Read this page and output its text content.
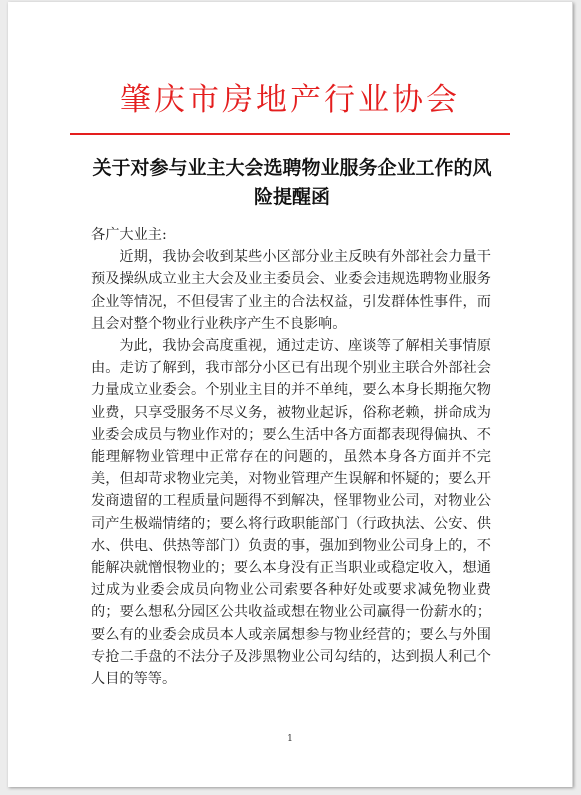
肇庆市房地产行业协会
关于对参与业主大会选聘物业服务企业工作的风险提醒函

各广大业主:

近期，我协会收到某些小区部分业主反映有外部社会力量干预及操纵成立业主大会及业主委员会、业委会违规选聘物业服务企业等情况，不但侵害了业主的合法权益，引发群体性事件，而且会对整个物业行业秩序产生不良影响。

为此，我协会高度重视，通过走访、座谈等了解相关事情原由。走访了解到，我市部分小区已有出现个别业主联合外部社会力量成立业委会。个别业主目的并不单纯，要么本身长期拖欠物业费，只享受服务不尽义务，被物业起诉，俗称老赖，拼命成为业委会成员与物业作对的；要么生活中各方面都表现得偏执、不能理解物业管理中正常存在的问题的，虽然本身各方面并不完美，但却苛求物业完美，对物业管理产生误解和怀疑的；要么开发商遗留的工程质量问题得不到解决，怪罪物业公司，对物业公司产生极端情绪的；要么将行政职能部门（行政执法、公安、供水、供电、供热等部门）负责的事，强加到物业公司身上的，不能解决就憎恨物业的；要么本身没有正当职业或稳定收入，想通过成为业委会成员向物业公司索要各种好处或要求减免物业费的；要么想私分园区公共收益或想在物业公司赢得一份薪水的；要么有的业委会成员本人或亲属想参与物业经营的；要么与外围专抢二手盘的不法分子及涉黑物业公司勾结的，达到损人利己个人目的等等。

1
